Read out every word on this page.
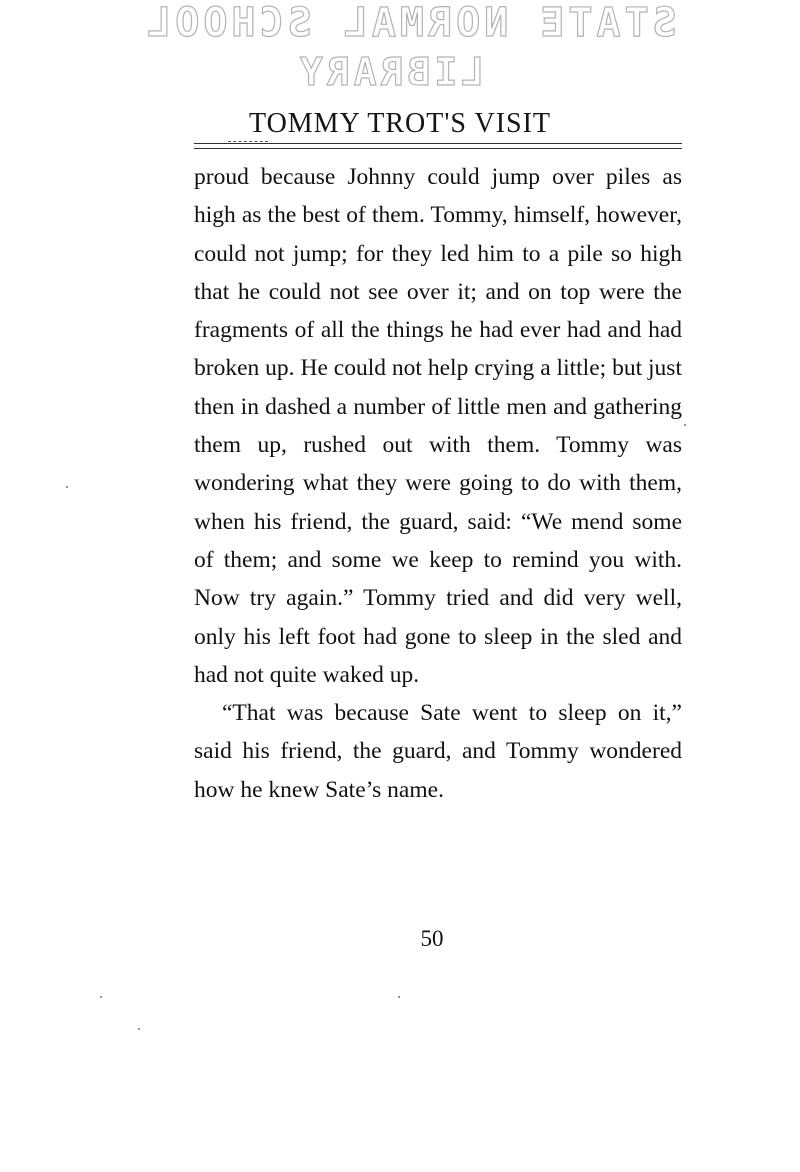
STATE NORMAL SCHOOL
LIBRARY
TOMMY TROT'S VISIT

proud because Johnny could jump over piles as high as the best of them. Tommy, himself, however, could not jump; for they led him to a pile so high that he could not see over it; and on top were the fragments of all the things he had ever had and had broken up. He could not help crying a little; but just then in dashed a number of little men and gathering them up, rushed out with them. Tommy was wondering what they were going to do with them, when his friend, the guard, said: “We mend some of them; and some we keep to remind you with. Now try again.” Tommy tried and did very well, only his left foot had gone to sleep in the sled and had not quite waked up.

“That was because Sate went to sleep on it,” said his friend, the guard, and Tommy wondered how he knew Sate’s name.

50
